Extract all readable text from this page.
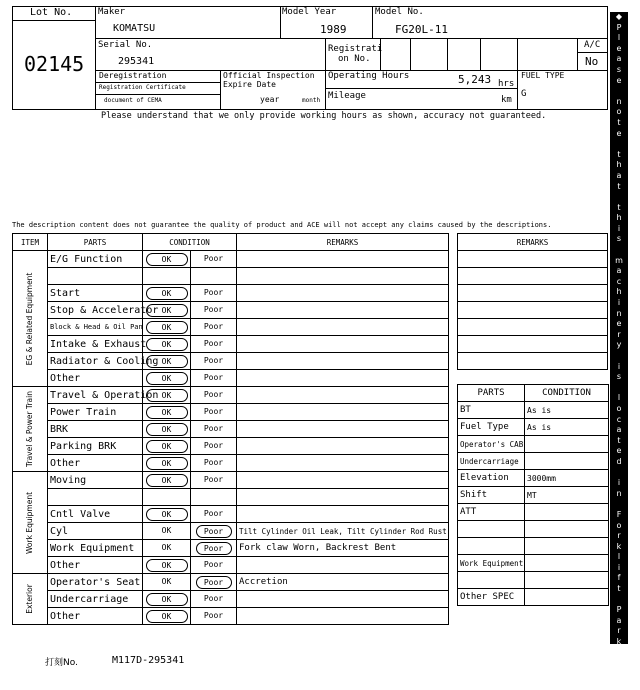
Lot No.
02145
Maker
KOMATSU
Model Year
1989
Model No.
FG20L-11
Serial No.
295341
Registrati
on No.
A/C
No
Deregistration
Registration Certificate
document of CEMA
Official Inspection
Expire Date
year	month
Operating Hours	5,243 hrs
Mileage	km
FUEL TYPE
G
Please understand that we only provide working hours as shown, accuracy not guaranteed.
The description content does not guarantee the quality of product and ACE will not accept any claims caused by the descriptions.
◆
P
l
e
a
s
e

n
o
t
e

t
h
a
t

t
h
i
s

m
a
c
h
i
n
e
r
y

i
s

l
o
c
a
t
e
d

i
n

F
o
r
k
l
i
f
t

P
a
r
k
i
n
g
◆
ITEM	PARTS	CONDITION		REMARKS

EG & Related Equipment	E/G Function	OK	Poor	

	Start	OK	Poor	
	Stop & Accelerator	OK	Poor	
	Block & Head & Oil Pan	OK	Poor	
	Intake & Exhaust	OK	Poor	
	Radiator & Cooling	OK	Poor	
	Other	OK	Poor	

Travel & Power Train	Travel & Operation	OK	Poor	
	Power Train	OK	Poor	
	BRK	OK	Poor	
	Parking BRK	OK	Poor	
	Other	OK	Poor	

Work Equipment	Moving	OK	Poor	

	Cntl Valve	OK	Poor	
	Cyl	OK	Poor	Tilt Cylinder Oil Leak, Tilt Cylinder Rod Rust
	Work Equipment	OK	Poor	Fork claw Worn, Backrest Bent
	Other	OK	Poor	

Exterior	Operator's Seat	OK	Poor	Accretion
	Undercarriage	OK	Poor	
	Other	OK	Poor	
REMARKS

PARTS	CONDITION
BT	As is
Fuel Type	As is
Operator's CAB	
Undercarriage	
Elevation	3000mm
Shift	MT
ATT	

Work Equipment	

Other SPEC	
打刻No.	M117D-295341
